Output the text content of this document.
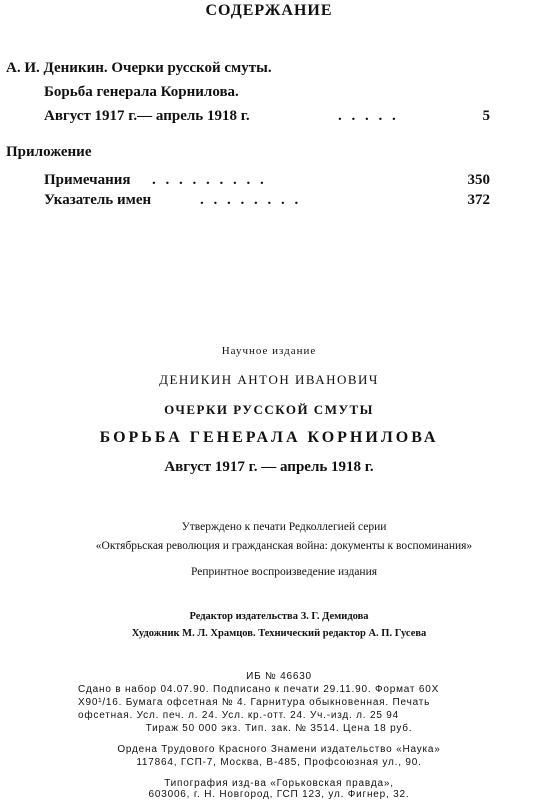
СОДЕРЖАНИЕ
А. И. Деникин. Очерки русской смуты.
Борьба генерала Корнилова.
Август 1917 г.— апрель 1918 г.	. . . . .	5
Приложение
Примечания . . . . . . . . .	350
Указатель имен	. . . . . . . .	372
Научное издание
ДЕНИКИН АНТОН ИВАНОВИЧ
ОЧЕРКИ РУССКОЙ СМУТЫ
БОРЬБА ГЕНЕРАЛА КОРНИЛОВА
Август 1917 г. — апрель 1918 г.
Утверждено к печати Редколлегией серии
«Октябрьская революция и гражданская война: документы к воспоминания»
Репринтное воспроизведение издания
Редактор издательства З. Г. Демидова
Художник М. Л. Храмцов. Технический редактор А. П. Гусева
ИБ № 46630
Сдано в набор 04.07.90. Подписано к печати 29.11.90. Формат 60Х
Х90¹/16. Бумага офсетная № 4. Гарнитура обыкновенная. Печать
офсетная. Усл. печ. л. 24. Усл. кр.-отт. 24. Уч.-изд. л. 25 94
Тираж 50 000 экз. Тип. зак. № 3514. Цена 18 руб.
Ордена Трудового Красного Знамени издательство «Наука»
117864, ГСП-7, Москва, В-485, Профсоюзная ул., 90.
Типография изд-ва «Горьковская правда»,
603006, г. Н. Новгород, ГСП 123, ул. Фигнер, 32.
